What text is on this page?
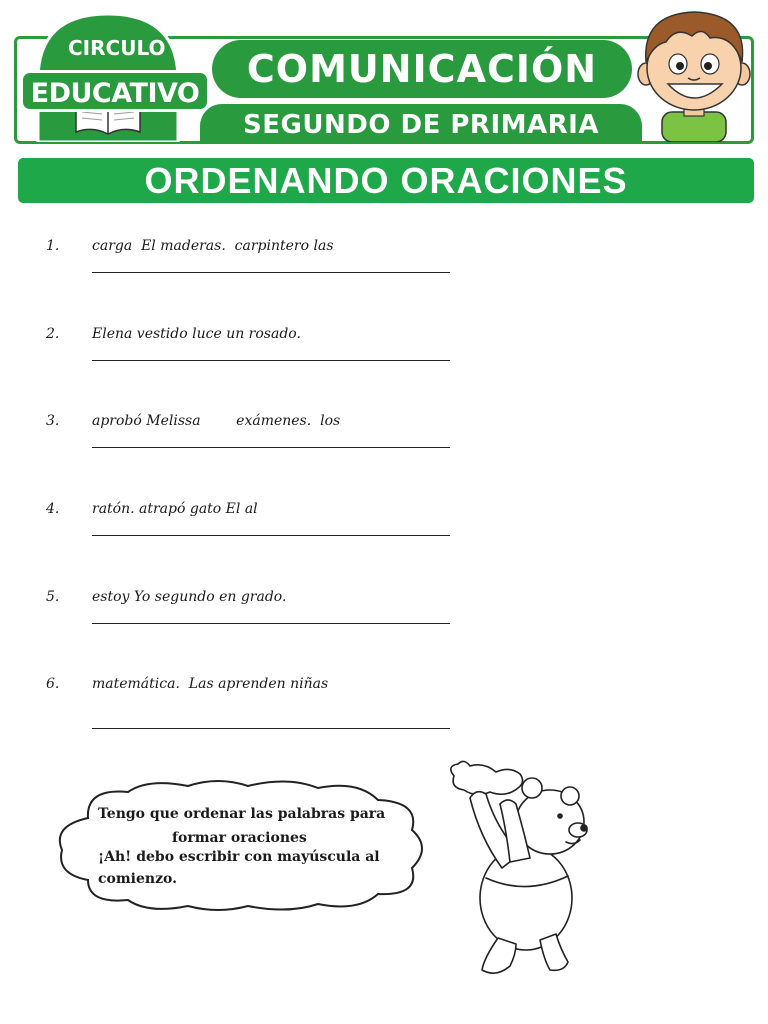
CIRCULO
EDUCATIVO
COMUNICACIÓN
SEGUNDO DE PRIMARIA
ORDENANDO ORACIONES
1. carga  El maderas.  carpintero las
2. Elena vestido luce un rosado.
3. aprobó Melissa        exámenes.  los
4. ratón. atrapó gato El al
5. estoy Yo segundo en grado.
6. matemática.  Las aprenden niñas
Tengo que ordenar las palabras para
formar oraciones
¡Ah! debo escribir con mayúscula al
comienzo.
